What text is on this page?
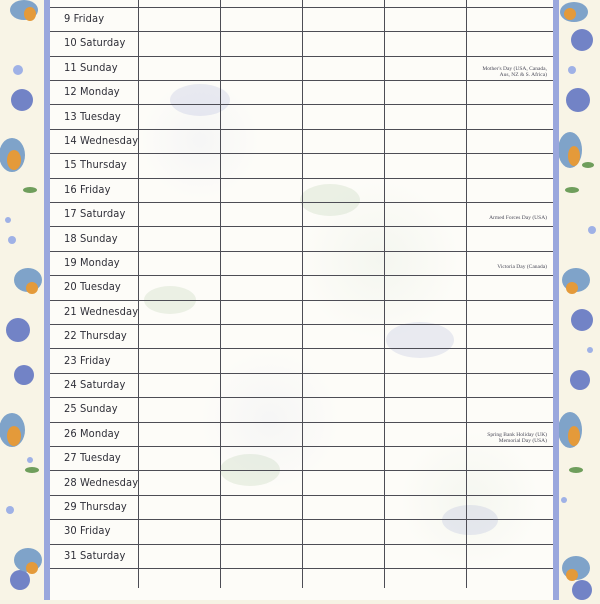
9 Friday
10 Saturday
11 Sunday	Mother's Day (USA, Canada,
Aus, NZ & S. Africa)
12 Monday
13 Tuesday
14 Wednesday
15 Thursday
16 Friday
17 Saturday	Armed Forces Day (USA)
18 Sunday
19 Monday	Victoria Day (Canada)
20 Tuesday
21 Wednesday
22 Thursday
23 Friday
24 Saturday
25 Sunday
26 Monday	Spring Bank Holiday (UK)
Memorial Day (USA)
27 Tuesday
28 Wednesday
29 Thursday
30 Friday
31 Saturday
